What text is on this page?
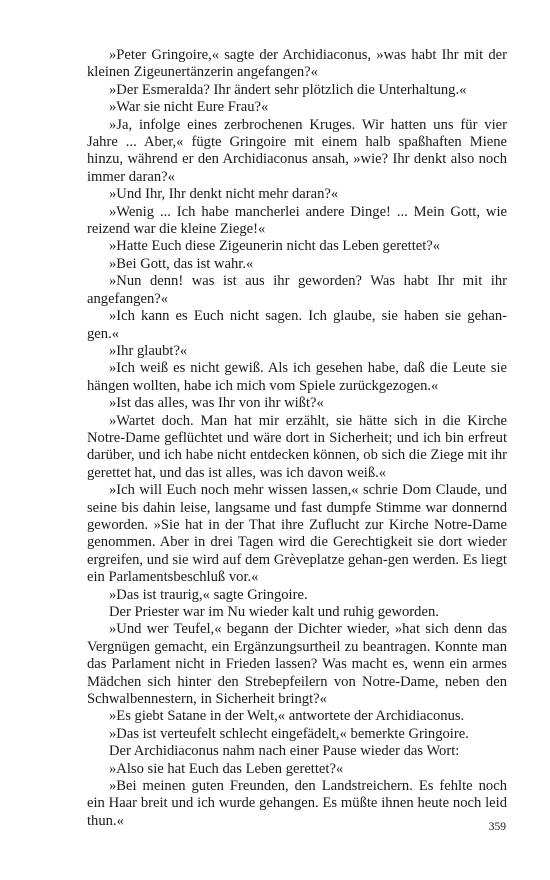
»Peter Gringoire,« sagte der Archidiaconus, »was habt Ihr mit der kleinen Zigeunertänzerin angefangen?«

»Der Esmeralda? Ihr ändert sehr plötzlich die Unterhaltung.«

»War sie nicht Eure Frau?«

»Ja, infolge eines zerbrochenen Kruges. Wir hatten uns für vier Jahre ... Aber,« fügte Gringoire mit einem halb spaßhaften Miene hinzu, während er den Archidiaconus ansah, »wie? Ihr denkt also noch immer daran?«

»Und Ihr, Ihr denkt nicht mehr daran?«

»Wenig ... Ich habe mancherlei andere Dinge! ... Mein Gott, wie reizend war die kleine Ziege!«

»Hatte Euch diese Zigeunerin nicht das Leben gerettet?«

»Bei Gott, das ist wahr.«

»Nun denn! was ist aus ihr geworden? Was habt Ihr mit ihr angefangen?«

»Ich kann es Euch nicht sagen. Ich glaube, sie haben sie gehan-gen.«

»Ihr glaubt?«

»Ich weiß es nicht gewiß. Als ich gesehen habe, daß die Leute sie hängen wollten, habe ich mich vom Spiele zurückgezogen.«

»Ist das alles, was Ihr von ihr wißt?«

»Wartet doch. Man hat mir erzählt, sie hätte sich in die Kirche Notre-Dame geflüchtet und wäre dort in Sicherheit; und ich bin erfreut darüber, und ich habe nicht entdecken können, ob sich die Ziege mit ihr gerettet hat, und das ist alles, was ich davon weiß.«

»Ich will Euch noch mehr wissen lassen,« schrie Dom Claude, und seine bis dahin leise, langsame und fast dumpfe Stimme war donnernd geworden. »Sie hat in der That ihre Zuflucht zur Kirche Notre-Dame genommen. Aber in drei Tagen wird die Gerechtigkeit sie dort wieder ergreifen, und sie wird auf dem Grèveplatze gehan-gen werden. Es liegt ein Parlamentsbeschluß vor.«

»Das ist traurig,« sagte Gringoire.

Der Priester war im Nu wieder kalt und ruhig geworden.

»Und wer Teufel,« begann der Dichter wieder, »hat sich denn das Vergnügen gemacht, ein Ergänzungsurtheil zu beantragen. Konnte man das Parlament nicht in Frieden lassen? Was macht es, wenn ein armes Mädchen sich hinter den Strebepfeilern von Notre-Dame, neben den Schwalbennestern, in Sicherheit bringt?«

»Es giebt Satane in der Welt,« antwortete der Archidiaconus.

»Das ist verteufelt schlecht eingefädelt,« bemerkte Gringoire.

Der Archidiaconus nahm nach einer Pause wieder das Wort:

»Also sie hat Euch das Leben gerettet?«

»Bei meinen guten Freunden, den Landstreichern. Es fehlte noch ein Haar breit und ich wurde gehangen. Es müßte ihnen heute noch leid thun.«	359
